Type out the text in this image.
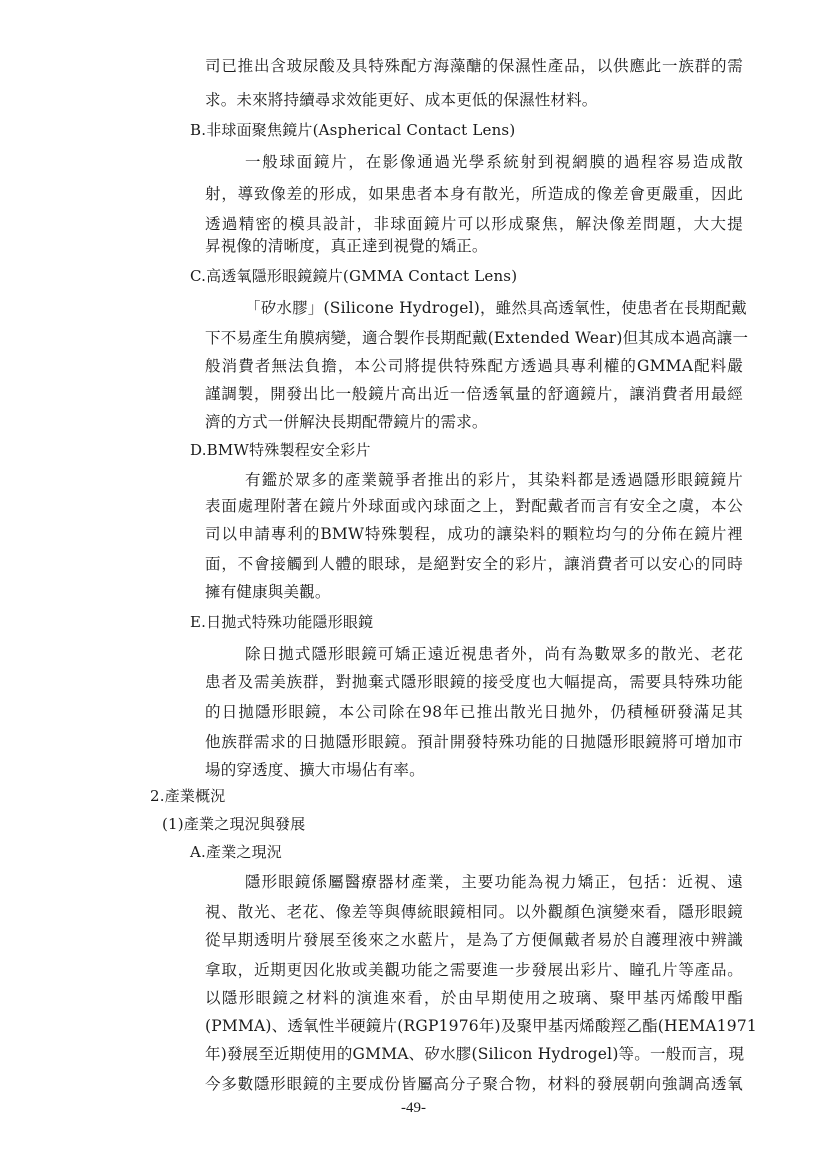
司已推出含玻尿酸及具特殊配方海藻醣的保濕性產品，以供應此一族群的需
求。未來將持續尋求效能更好、成本更低的保濕性材料。
B.非球面聚焦鏡片(Aspherical Contact Lens)
一般球面鏡片，在影像通過光學系統射到視網膜的過程容易造成散
射，導致像差的形成，如果患者本身有散光，所造成的像差會更嚴重，因此
透過精密的模具設計，非球面鏡片可以形成聚焦，解決像差問題，大大提
昇視像的清晰度，真正達到視覺的矯正。
C.高透氧隱形眼鏡鏡片(GMMA Contact Lens)
「矽水膠」(Silicone Hydrogel)，雖然具高透氧性，使患者在長期配戴
下不易產生角膜病變，適合製作長期配戴(Extended Wear)但其成本過高讓一
般消費者無法負擔，本公司將提供特殊配方透過具專利權的GMMA配料嚴
謹調製，開發出比一般鏡片高出近一倍透氧量的舒適鏡片，讓消費者用最經
濟的方式一併解決長期配帶鏡片的需求。
D.BMW特殊製程安全彩片
有鑑於眾多的產業競爭者推出的彩片，其染料都是透過隱形眼鏡鏡片
表面處理附著在鏡片外球面或內球面之上，對配戴者而言有安全之虞，本公
司以申請專利的BMW特殊製程，成功的讓染料的顆粒均勻的分佈在鏡片裡
面，不會接觸到人體的眼球，是絕對安全的彩片，讓消費者可以安心的同時
擁有健康與美觀。
E.日拋式特殊功能隱形眼鏡
除日拋式隱形眼鏡可矯正遠近視患者外，尚有為數眾多的散光、老花
患者及需美族群，對拋棄式隱形眼鏡的接受度也大幅提高，需要具特殊功能
的日拋隱形眼鏡，本公司除在98年已推出散光日拋外，仍積極研發滿足其
他族群需求的日拋隱形眼鏡。預計開發特殊功能的日拋隱形眼鏡將可增加市
場的穿透度、擴大市場佔有率。
2.產業概況
(1)產業之現況與發展
A.產業之現況
隱形眼鏡係屬醫療器材產業，主要功能為視力矯正，包括：近視、遠
視、散光、老花、像差等與傳統眼鏡相同。以外觀顏色演變來看，隱形眼鏡
從早期透明片發展至後來之水藍片，是為了方便佩戴者易於自護理液中辨識
拿取，近期更因化妝或美觀功能之需要進一步發展出彩片、瞳孔片等產品。
以隱形眼鏡之材料的演進來看，於由早期使用之玻璃、聚甲基丙烯酸甲酯
(PMMA)、透氧性半硬鏡片(RGP1976年)及聚甲基丙烯酸羥乙酯(HEMA1971
年)發展至近期使用的GMMA、矽水膠(Silicon Hydrogel)等。一般而言，現
今多數隱形眼鏡的主要成份皆屬高分子聚合物，材料的發展朝向強調高透氧
-49-
